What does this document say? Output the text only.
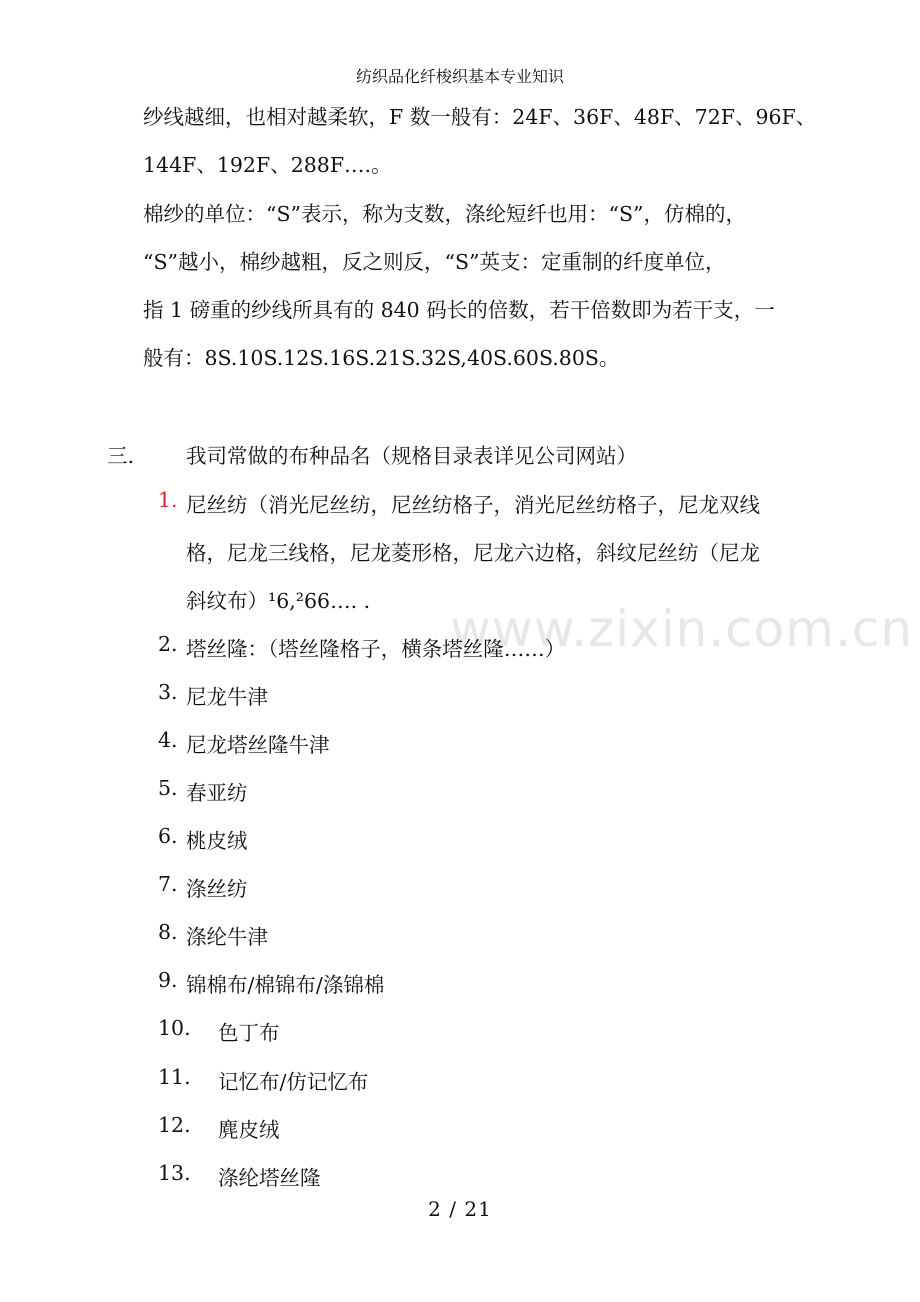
www.zixin.com.cn
纺织品化纤梭织基本专业知识
纱线越细，也相对越柔软，F 数一般有：24F、36F、48F、72F、96F、
144F、192F、288F….。
棉纱的单位：“S”表示，称为支数，涤纶短纤也用：“S”，仿棉的，
“S”越小，棉纱越粗，反之则反，“S”英支：定重制的纤度单位，
指 1 磅重的纱线所具有的 840 码长的倍数，若干倍数即为若干支，一
般有：8S.10S.12S.16S.21S.32S,40S.60S.80S。
三.	我司常做的布种品名（规格目录表详见公司网站）
1. 尼丝纺（消光尼丝纺，尼丝纺格子，消光尼丝纺格子，尼龙双线
格，尼龙三线格，尼龙菱形格，尼龙六边格，斜纹尼丝纺（尼龙
斜纹布）¹6,²66…. .
2. 塔丝隆：（塔丝隆格子，横条塔丝隆……）
3. 尼龙牛津
4. 尼龙塔丝隆牛津
5. 春亚纺
6. 桃皮绒
7. 涤丝纺
8. 涤纶牛津
9. 锦棉布/棉锦布/涤锦棉
10. 色丁布
11. 记忆布/仿记忆布
12. 麂皮绒
13. 涤纶塔丝隆
2 / 21
